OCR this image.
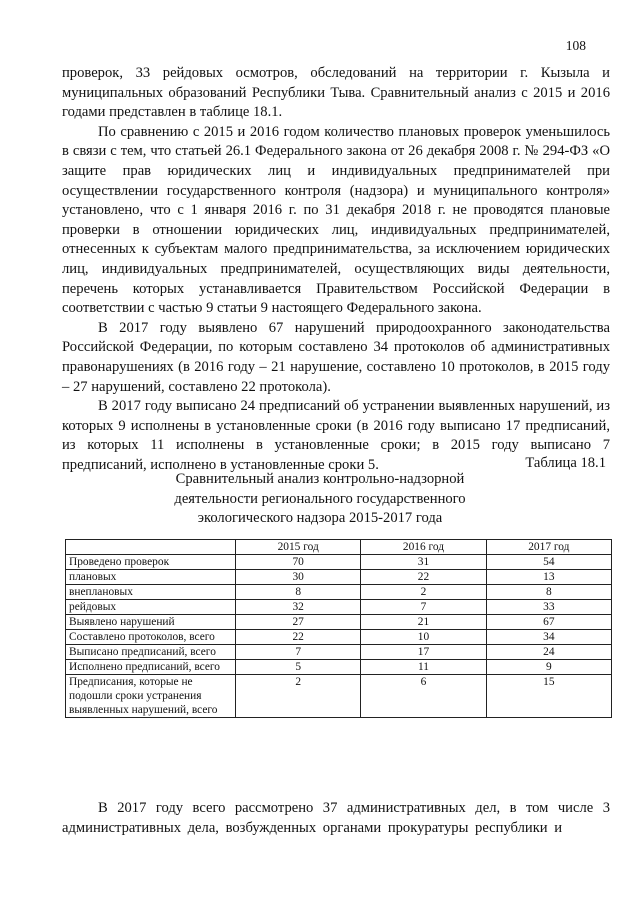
108

проверок, 33 рейдовых осмотров, обследований на территории г. Кызыла и муниципальных образований Республики Тыва. Сравнительный анализ с 2015 и 2016 годами представлен в таблице 18.1.

По сравнению с 2015 и 2016 годом количество плановых проверок уменьшилось в связи с тем, что статьей 26.1 Федерального закона от 26 декабря 2008 г. № 294-ФЗ «О защите прав юридических лиц и индивидуальных предпринимателей при осуществлении государственного контроля (надзора) и муниципального контроля» установлено, что с 1 января 2016 г. по 31 декабря 2018 г. не проводятся плановые проверки в отношении юридических лиц, индивидуальных предпринимателей, отнесенных к субъектам малого предпринимательства, за исключением юридических лиц, индивидуальных предпринимателей, осуществляющих виды деятельности, перечень которых устанавливается Правительством Российской Федерации в соответствии с частью 9 статьи 9 настоящего Федерального закона.

В 2017 году выявлено 67 нарушений природоохранного законодательства Российской Федерации, по которым составлено 34 протоколов об административных правонарушениях (в 2016 году – 21 нарушение, составлено 10 протоколов, в 2015 году – 27 нарушений, составлено 22 протокола).

В 2017 году выписано 24 предписаний об устранении выявленных нарушений, из которых 9 исполнены в установленные сроки (в 2016 году выписано 17 предписаний, из которых 11 исполнены в установленные сроки; в 2015 году выписано 7 предписаний, исполнено в установленные сроки 5.	Таблица 18.1
Сравнительный анализ контрольно-надзорной
деятельности регионального государственного
экологического надзора 2015-2017 года
	2015 год	2016 год	2017 год
Проведено проверок	70	31	54
плановых	30	22	13
внеплановых	8	2	8
рейдовых	32	7	33
Выявлено нарушений	27	21	67
Составлено протоколов, всего	22	10	34
Выписано предписаний, всего	7	17	24
Исполнено предписаний, всего	5	11	9
Предписания, которые не подошли сроки устранения выявленных нарушений, всего	2	6	15

В 2017 году всего рассмотрено 37 административных дел, в том числе 3 административных дела, возбужденных органами прокуратуры республики и
